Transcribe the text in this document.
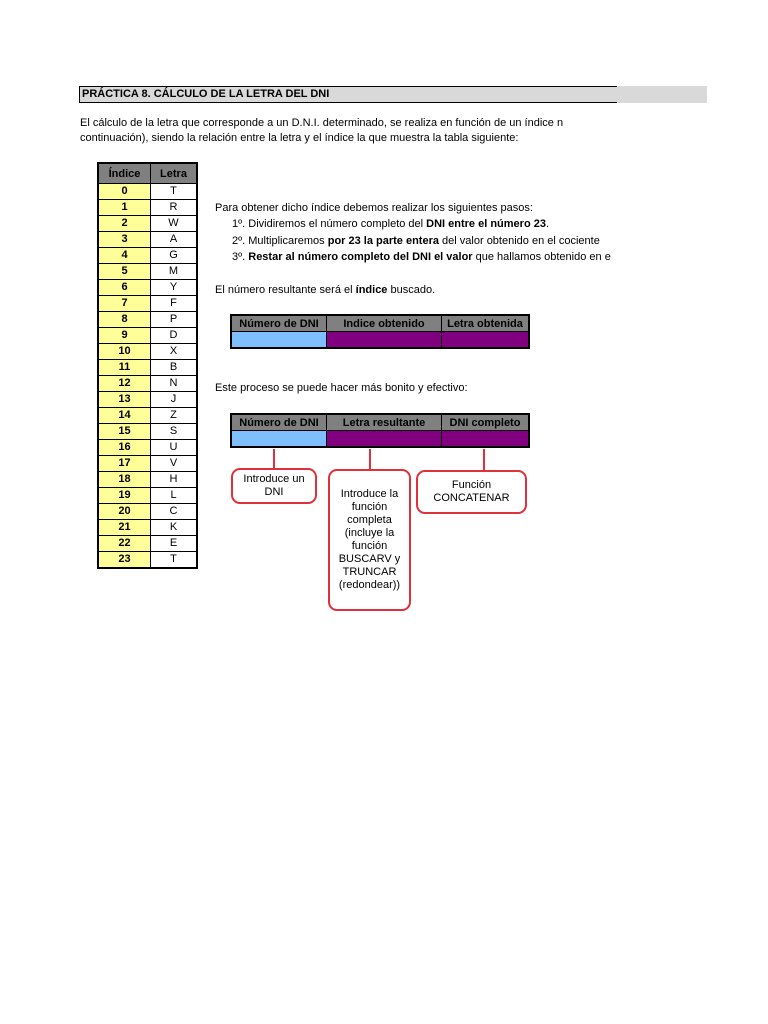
PRÁCTICA 8. CÁLCULO DE LA LETRA DEL DNI
El cálculo de la letra que corresponde a un D.N.I. determinado, se realiza en función de un índice n
continuación), siendo la relación entre la letra y el índice la que muestra la tabla siguiente:
Índice	Letra
0	T
1	R
2	W
3	A
4	G
5	M
6	Y
7	F
8	P
9	D
10	X
11	B
12	N
13	J
14	Z
15	S
16	U
17	V
18	H
19	L
20	C
21	K
22	E
23	T
Para obtener dicho índice debemos realizar los siguientes pasos:
1º. Dividiremos el número completo del DNI entre el número 23.
2º. Multiplicaremos por 23 la parte entera del valor obtenido en el cociente
3º. Restar al número completo del DNI el valor que hallamos obtenido en e
El número resultante será el índice buscado.
Número de DNI	Indice obtenido	Letra obtenida

Este proceso se puede hacer más bonito y efectivo:
Número de DNI	Letra resultante	DNI completo

Introduce un DNI	Introduce la función completa (incluye la función BUSCARV y TRUNCAR (redondear))
Función CONCATENAR
